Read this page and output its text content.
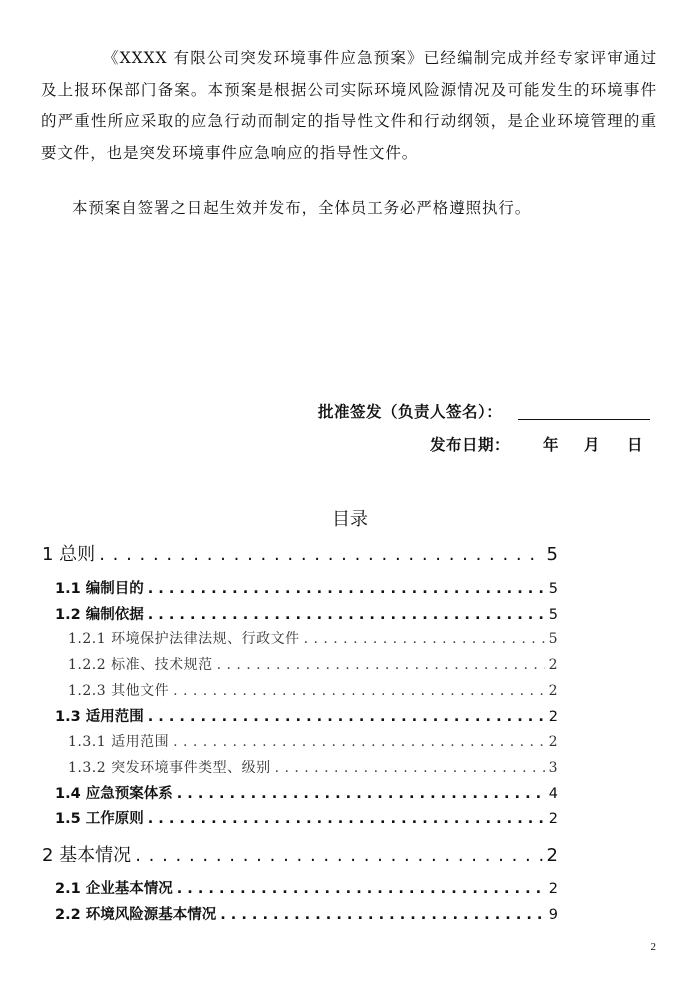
《XXXX 有限公司突发环境事件应急预案》已经编制完成并经专家评审通过及上报环保部门备案。本预案是根据公司实际环境风险源情况及可能发生的环境事件的严重性所应采取的应急行动而制定的指导性文件和行动纲领，是企业环境管理的重要文件，也是突发环境事件应急响应的指导性文件。
本预案自签署之日起生效并发布，全体员工务必严格遵照执行。
批准签发（负责人签名）：
发布日期： 年 月 日
目录
1 总则 . . .	5
1.1 编制目的 . . .	5
1.2 编制依据 . . .	5
1.2.1 环境保护法律法规、行政文件 . . .	5
1.2.2 标准、技术规范 . . .	2
1.2.3 其他文件 . . .	2
1.3 适用范围 . . .	2
1.3.1 适用范围 . . .	2
1.3.2 突发环境事件类型、级别 . . .	3
1.4 应急预案体系 . . .	4
1.5 工作原则 . . .	2
2 基本情况 . . .	2
2.1 企业基本情况 . . .	2
2.2 环境风险源基本情况 . . .	9
2
